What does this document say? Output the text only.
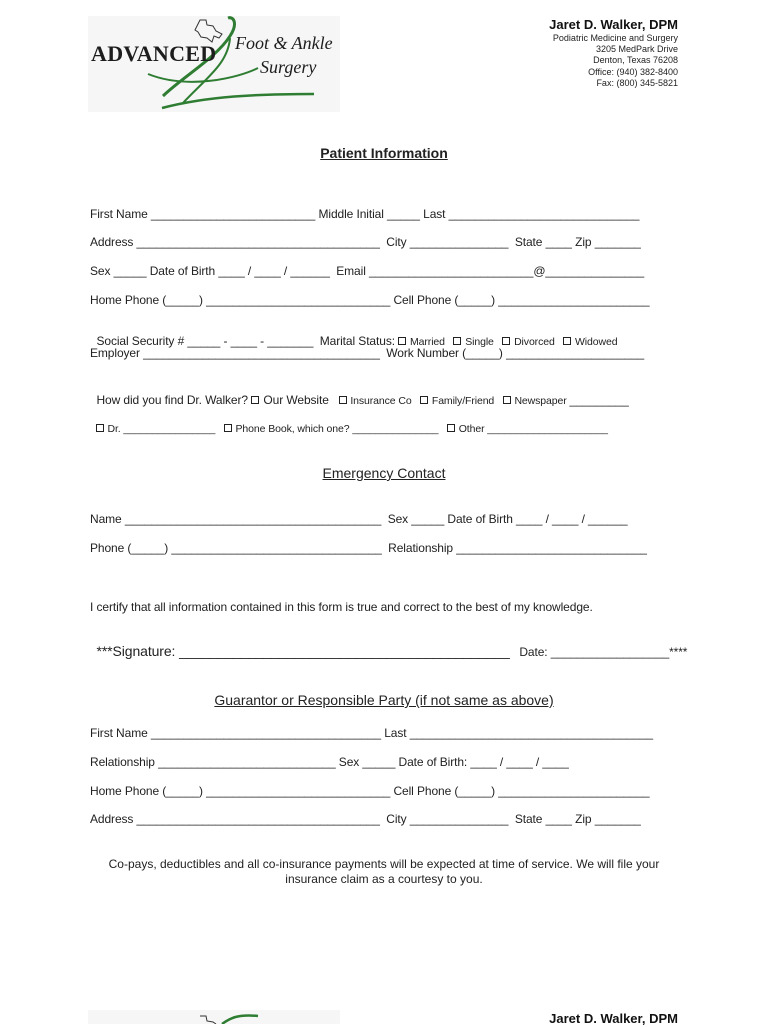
ADVANCED Foot & Ankle
Surgery
Jaret D. Walker, DPM
Podiatric Medicine and Surgery
3205 MedPark Drive
Denton, Texas 76208
Office: (940) 382-8400
Fax: (800) 345-5821
Patient Information
First Name _________________________ Middle Initial _____ Last _____________________________
Address _____________________________________  City _______________  State ____ Zip _______
Sex _____ Date of Birth ____ / ____ / ______  Email _________________________@_______________
Home Phone (_____) ____________________________ Cell Phone (_____) _______________________

Social Security # _____ - ____ - _______  Marital Status:  Married Single Divorced Widowed

Employer ____________________________________  Work Number (_____) _____________________

How did you find Dr. Walker?  Our Website Insurance Co Family/Friend Newspaper _________

Dr. ________________ Phone Book, which one? _______________ Other _____________________

Emergency Contact
Name _______________________________________  Sex _____ Date of Birth ____ / ____ / ______
Phone (_____) ________________________________  Relationship _____________________________
I certify that all information contained in this form is true and correct to the best of my knowledge.

***Signature: ___________________________________________ Date: __________________****

Guarantor or Responsible Party (if not same as above)
First Name ___________________________________ Last _____________________________________
Relationship ___________________________ Sex _____ Date of Birth: ____ / ____ / ____
Home Phone (_____) ____________________________ Cell Phone (_____) _______________________
Address _____________________________________  City _______________  State ____ Zip _______
Co-pays, deductibles and all co-insurance payments will be expected at time of service. We will file your insurance claim as a courtesy to you.
Jaret D. Walker, DPM
